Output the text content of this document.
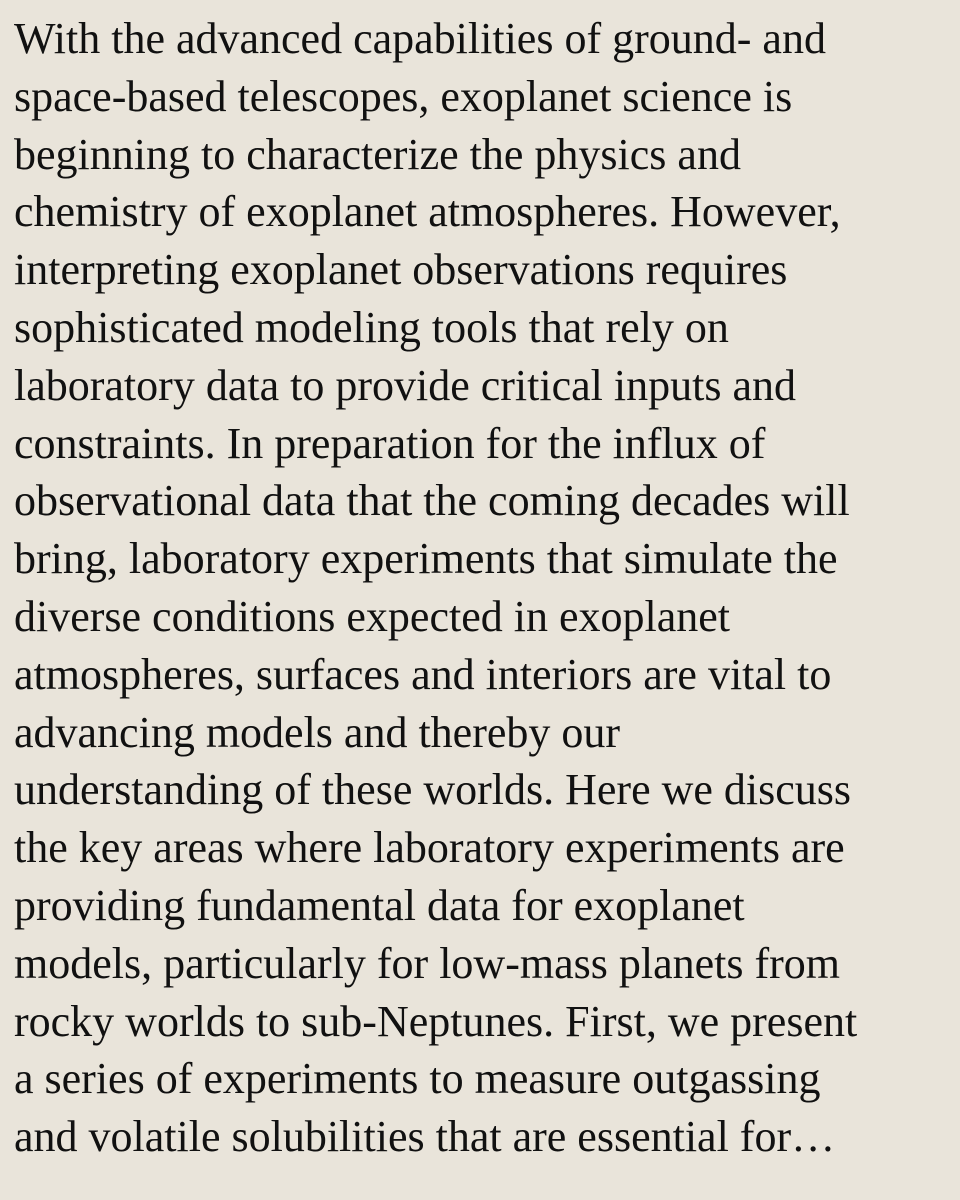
With the advanced capabilities of ground- and
space-based telescopes, exoplanet science is
beginning to characterize the physics and
chemistry of exoplanet atmospheres. However,
interpreting exoplanet observations requires
sophisticated modeling tools that rely on
laboratory data to provide critical inputs and
constraints. In preparation for the influx of
observational data that the coming decades will
bring, laboratory experiments that simulate the
diverse conditions expected in exoplanet
atmospheres, surfaces and interiors are vital to
advancing models and thereby our
understanding of these worlds. Here we discuss
the key areas where laboratory experiments are
providing fundamental data for exoplanet
models, particularly for low-mass planets from
rocky worlds to sub-Neptunes. First, we present
a series of experiments to measure outgassing
and volatile solubilities that are essential for…
